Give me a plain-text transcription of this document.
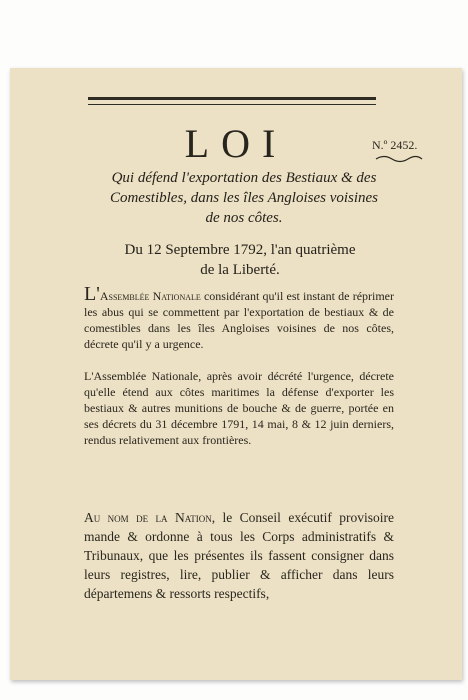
LOI	N.º 2452.
Qui défend l'exportation des Bestiaux & des
Comestibles, dans les îles Angloises voisines
de nos côtes.
Du 12 Septembre 1792, l'an quatrième
de la Liberté.
L'Assemblée Nationale considérant qu'il est instant de réprimer les abus qui se commettent par l'exportation de bestiaux & de comestibles dans les îles Angloises voisines de nos côtes, décrete qu'il y a urgence.
L'Assemblée Nationale, après avoir décrété l'urgence, décrete qu'elle étend aux côtes maritimes la défense d'exporter les bestiaux & autres munitions de bouche & de guerre, portée en ses décrets du 31 décembre 1791, 14 mai, 8 & 12 juin derniers, rendus relativement aux frontières.
Au nom de la Nation, le Conseil exécutif provisoire mande & ordonne à tous les Corps administratifs & Tribunaux, que les présentes ils fassent consigner dans leurs registres, lire, publier & afficher dans leurs départemens & ressorts respectifs,
